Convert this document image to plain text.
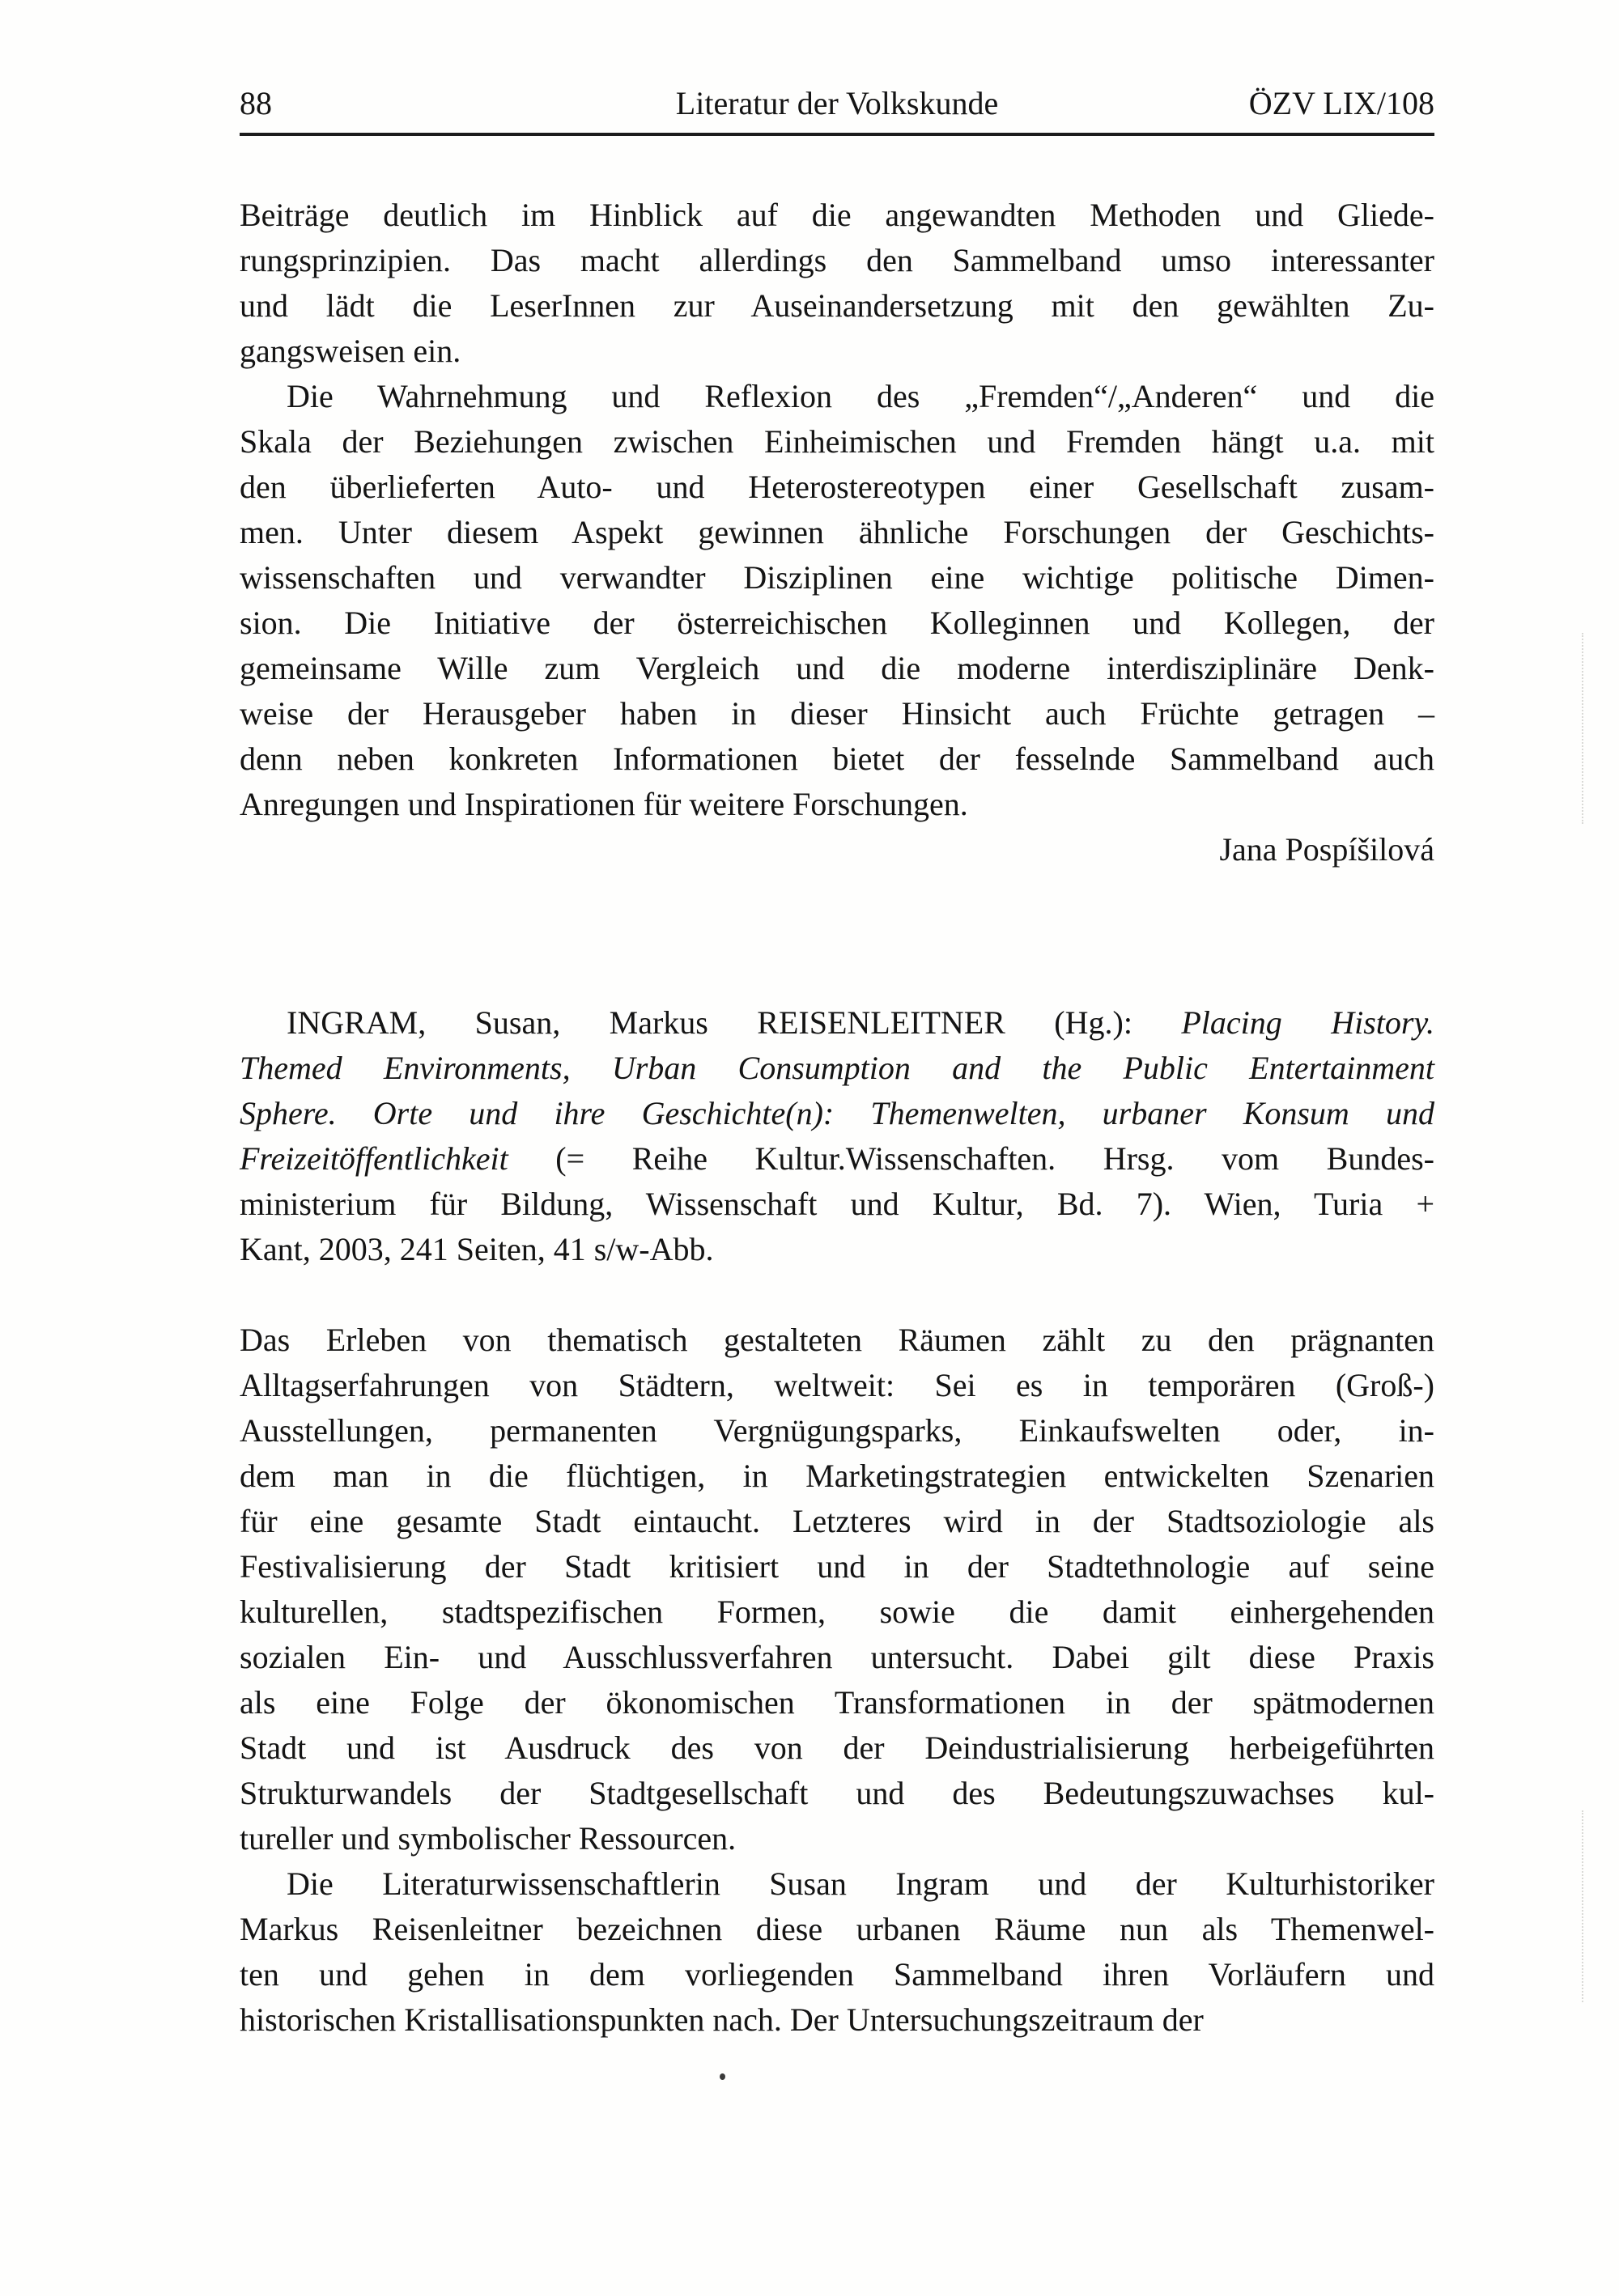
88	Literatur der Volkskunde	ÖZV LIX/108
Beiträge deutlich im Hinblick auf die angewandten Methoden und Gliede-
rungsprinzipien. Das macht allerdings den Sammelband umso interessanter
und lädt die LeserInnen zur Auseinandersetzung mit den gewählten Zu-
gangsweisen ein.
Die Wahrnehmung und Reflexion des „Fremden“/„Anderen“ und die
Skala der Beziehungen zwischen Einheimischen und Fremden hängt u.a. mit
den überlieferten Auto- und Heterostereotypen einer Gesellschaft zusam-
men. Unter diesem Aspekt gewinnen ähnliche Forschungen der Geschichts-
wissenschaften und verwandter Disziplinen eine wichtige politische Dimen-
sion. Die Initiative der österreichischen Kolleginnen und Kollegen, der
gemeinsame Wille zum Vergleich und die moderne interdisziplinäre Denk-
weise der Herausgeber haben in dieser Hinsicht auch Früchte getragen –
denn neben konkreten Informationen bietet der fesselnde Sammelband auch
Anregungen und Inspirationen für weitere Forschungen.
Jana Pospíšilová
INGRAM, Susan, Markus REISENLEITNER (Hg.): Placing History.
Themed Environments, Urban Consumption and the Public Entertainment
Sphere. Orte und ihre Geschichte(n): Themenwelten, urbaner Konsum und
Freizeitöffentlichkeit (= Reihe Kultur.Wissenschaften. Hrsg. vom Bundes-
ministerium für Bildung, Wissenschaft und Kultur, Bd. 7). Wien, Turia +
Kant, 2003, 241 Seiten, 41 s/w-Abb.
Das Erleben von thematisch gestalteten Räumen zählt zu den prägnanten
Alltagserfahrungen von Städtern, weltweit: Sei es in temporären (Groß-)
Ausstellungen, permanenten Vergnügungsparks, Einkaufswelten oder, in-
dem man in die flüchtigen, in Marketingstrategien entwickelten Szenarien
für eine gesamte Stadt eintaucht. Letzteres wird in der Stadtsoziologie als
Festivalisierung der Stadt kritisiert und in der Stadtethnologie auf seine
kulturellen, stadtspezifischen Formen, sowie die damit einhergehenden
sozialen Ein- und Ausschlussverfahren untersucht. Dabei gilt diese Praxis
als eine Folge der ökonomischen Transformationen in der spätmodernen
Stadt und ist Ausdruck des von der Deindustrialisierung herbeigeführten
Strukturwandels der Stadtgesellschaft und des Bedeutungszuwachses kul-
tureller und symbolischer Ressourcen.
Die Literaturwissenschaftlerin Susan Ingram und der Kulturhistoriker
Markus Reisenleitner bezeichnen diese urbanen Räume nun als Themenwel-
ten und gehen in dem vorliegenden Sammelband ihren Vorläufern und
historischen Kristallisationspunkten nach. Der Untersuchungszeitraum der
